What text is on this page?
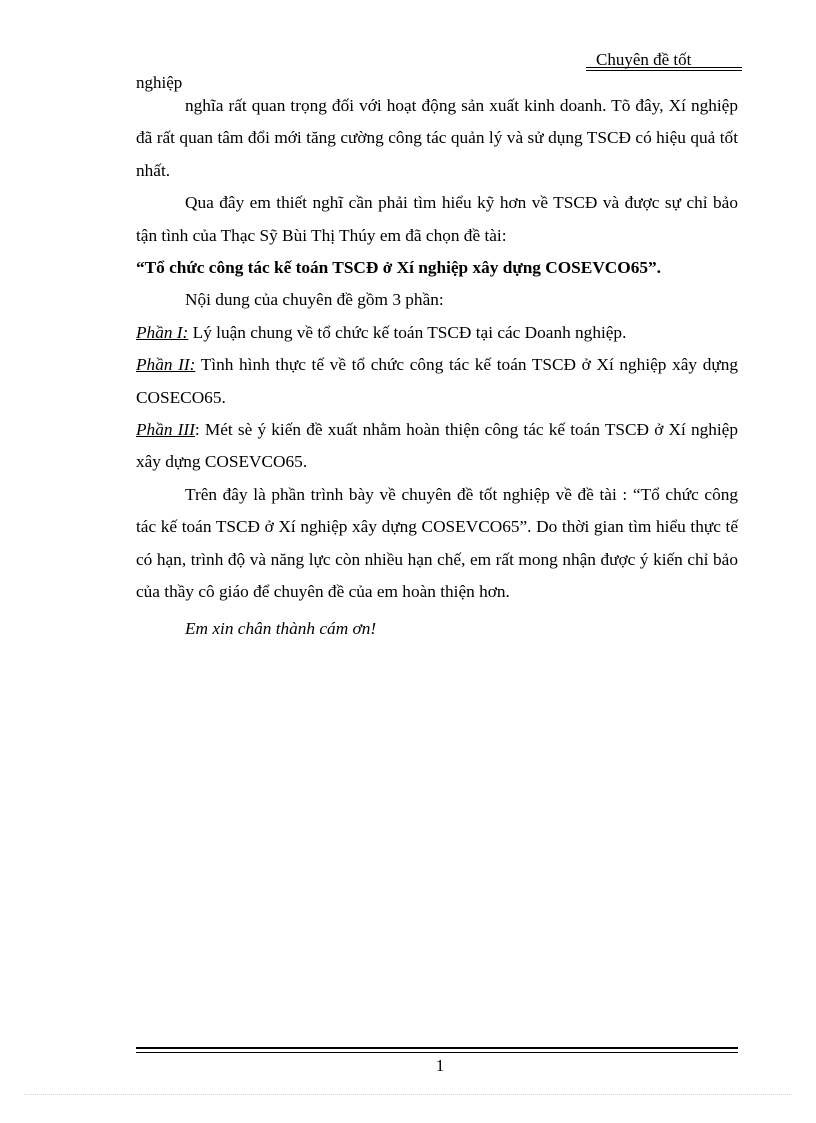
Chuyên đề tốt
nghiệp

nghĩa rất quan trọng đối với hoạt động sản xuất kinh doanh. Tõ đây, Xí nghiệp đã rất quan tâm đổi mới tăng cường công tác quản lý và sử dụng TSCĐ có hiệu quả tốt nhất.

Qua đây em thiết nghĩ cần phải tìm hiểu kỹ hơn về TSCĐ và được sự chỉ bảo tận tình của Thạc Sỹ Bùi Thị Thúy em đã chọn đề tài:

“Tổ chức công tác kế toán TSCĐ ở Xí nghiệp xây dựng COSEVCO65”.

Nội dung của chuyên đề gồm 3 phần:

Phần I: Lý luận chung về tổ chức kế toán TSCĐ tại các Doanh nghiệp.

Phần II: Tình hình thực tế về tổ chức công tác kế toán TSCĐ ở Xí nghiệp xây dựng COSECO65.

Phần III: Mét sè ý kiến đề xuất nhằm hoàn thiện công tác kế toán TSCĐ ở Xí nghiệp xây dựng COSEVCO65.

Trên đây là phần trình bày về chuyên đề tốt nghiệp về đề tài : “Tổ chức công tác kế toán TSCĐ ở Xí nghiệp xây dựng COSEVCO65”. Do thời gian tìm hiểu thực tế có hạn, trình độ và năng lực còn nhiều hạn chế, em rất mong nhận được ý kiến chỉ bảo của thầy cô giáo để chuyên đề của em hoàn thiện hơn.

Em xin chân thành cám ơn!

1
